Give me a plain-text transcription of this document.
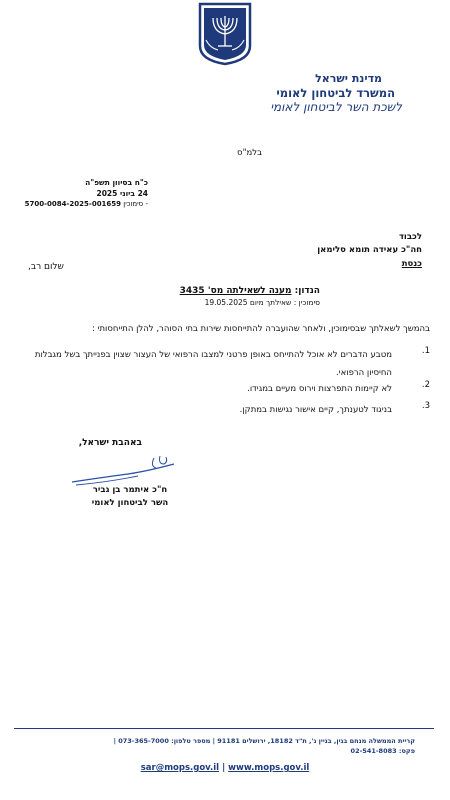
מדינת ישראל
המשרד לביטחון לאומי
לשכת השר לביטחון לאומי
בלמ"ס
כ"ח בסיוון תשפ"ה
24 ביוני 2025
5700-0084-2025-001659 סימוכין -
לכבוד
חה"כ עאידה תומא סלימאן
כנסת
שלום רב,
הנדון: מענה לשאילתה מס' 3435
סימוכין : שאילתך מיום 19.05.2025
בהמשך לשאלתך שבסימוכין, ולאחר שהועברה להתייחסות שירות בתי הסוהר, להלן התייחסותי :
1.
מטבע הדברים לא אוכל להתייחס באופן פרטני למצבו הרפואי של העצור שצוין בפנייתך בשל מגבלות החיסיון הרפואי.
2.
לא קיימות התפרצות וירוס מעיים במגידו.
3.
בניגוד לטענתך, קיים אישור נגישות במתקן.
באהבת ישראל,
ח"כ איתמר בן גביר
השר לביטחון לאומי
קריית הממשלה מנחם בגין, בניין ג', ת"ד 18182, ירושלים 91181 | מספר טלפון: 073-365-7000 |
פקס: 02-541-8083
sar@mops.gov.il | www.mops.gov.il
